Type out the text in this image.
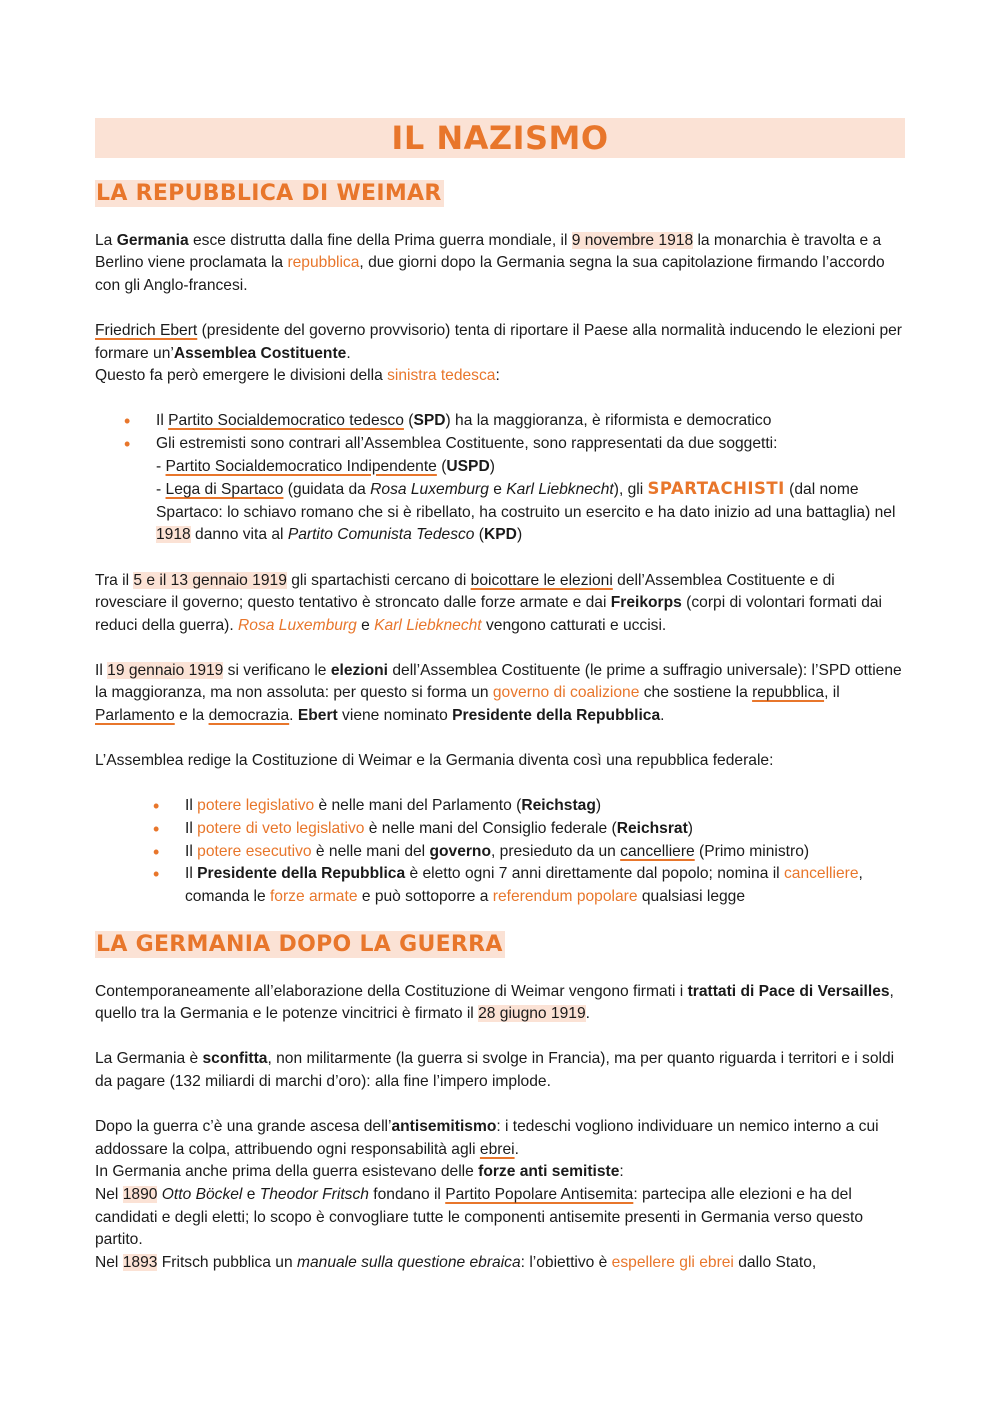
IL NAZISMO
LA REPUBBLICA DI WEIMAR

La Germania esce distrutta dalla fine della Prima guerra mondiale, il 9 novembre 1918 la monarchia è travolta e a Berlino viene proclamata la repubblica, due giorni dopo la Germania segna la sua capitolazione firmando l’accordo con gli Anglo-francesi.

Friedrich Ebert (presidente del governo provvisorio) tenta di riportare il Paese alla normalità inducendo le elezioni per formare un’Assemblea Costituente.

Questo fa però emergere le divisioni della sinistra tedesca:

• Il Partito Socialdemocratico tedesco (SPD) ha la maggioranza, è riformista e democratico
• Gli estremisti sono contrari all’Assemblea Costituente, sono rappresentati da due soggetti:
- Partito Socialdemocratico Indipendente (USPD)
- Lega di Spartaco (guidata da Rosa Luxemburg e Karl Liebknecht), gli SPARTACHISTI (dal nome Spartaco: lo schiavo romano che si è ribellato, ha costruito un esercito e ha dato inizio ad una battaglia) nel 1918 danno vita al Partito Comunista Tedesco (KPD)

Tra il 5 e il 13 gennaio 1919 gli spartachisti cercano di boicottare le elezioni dell’Assemblea Costituente e di rovesciare il governo; questo tentativo è stroncato dalle forze armate e dai Freikorps (corpi di volontari formati dai reduci della guerra). Rosa Luxemburg e Karl Liebknecht vengono catturati e uccisi.

Il 19 gennaio 1919 si verificano le elezioni dell’Assemblea Costituente (le prime a suffragio universale): l’SPD ottiene la maggioranza, ma non assoluta: per questo si forma un governo di coalizione che sostiene la repubblica, il Parlamento e la democrazia. Ebert viene nominato Presidente della Repubblica.

L’Assemblea redige la Costituzione di Weimar e la Germania diventa così una repubblica federale:

• Il potere legislativo è nelle mani del Parlamento (Reichstag)
• Il potere di veto legislativo è nelle mani del Consiglio federale (Reichsrat)
• Il potere esecutivo è nelle mani del governo, presieduto da un cancelliere (Primo ministro)
• Il Presidente della Repubblica è eletto ogni 7 anni direttamente dal popolo; nomina il cancelliere, comanda le forze armate e può sottoporre a referendum popolare qualsiasi legge
LA GERMANIA DOPO LA GUERRA

Contemporaneamente all’elaborazione della Costituzione di Weimar vengono firmati i trattati di Pace di Versailles, quello tra la Germania e le potenze vincitrici è firmato il 28 giugno 1919.

La Germania è sconfitta, non militarmente (la guerra si svolge in Francia), ma per quanto riguarda i territori e i soldi da pagare (132 miliardi di marchi d’oro): alla fine l’impero implode.

Dopo la guerra c’è una grande ascesa dell’antisemitismo: i tedeschi vogliono individuare un nemico interno a cui addossare la colpa, attribuendo ogni responsabilità agli ebrei.

In Germania anche prima della guerra esistevano delle forze anti semitiste:

Nel 1890 Otto Böckel e Theodor Fritsch fondano il Partito Popolare Antisemita: partecipa alle elezioni e ha del candidati e degli eletti; lo scopo è convogliare tutte le componenti antisemite presenti in Germania verso questo partito.

Nel 1893 Fritsch pubblica un manuale sulla questione ebraica: l’obiettivo è espellere gli ebrei dallo Stato,
